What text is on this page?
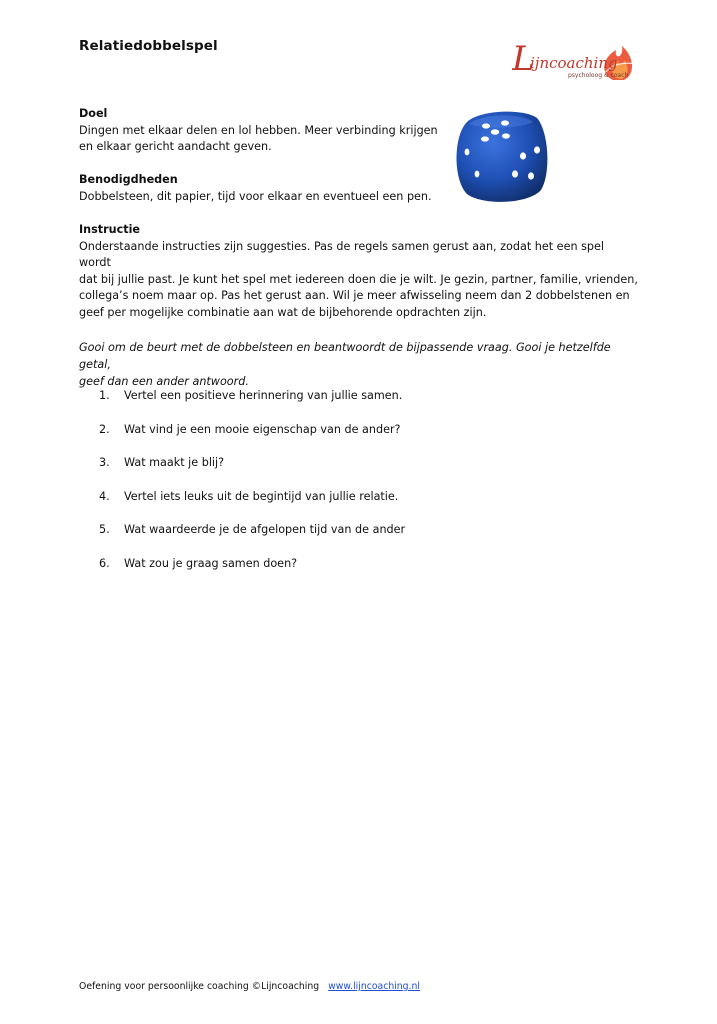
Relatiedobbelspel	L
ijncoaching
psycholoog & coach
Doel
Dingen met elkaar delen en lol hebben. Meer verbinding krijgen
en elkaar gericht aandacht geven.
Benodigdheden
Dobbelsteen, dit papier, tijd voor elkaar en eventueel een pen.
Instructie
Onderstaande instructies zijn suggesties. Pas de regels samen gerust aan, zodat het een spel wordt
dat bij jullie past. Je kunt het spel met iedereen doen die je wilt. Je gezin, partner, familie, vrienden,
collega’s noem maar op. Pas het gerust aan. Wil je meer afwisseling neem dan 2 dobbelstenen en
geef per mogelijke combinatie aan wat de bijbehorende opdrachten zijn.
Gooi om de beurt met de dobbelsteen en beantwoordt de bijpassende vraag. Gooi je hetzelfde getal,
geef dan een ander antwoord.
1.	Vertel een positieve herinnering van jullie samen.
2.	Wat vind je een mooie eigenschap van de ander?
3.	Wat maakt je blij?
4.	Vertel iets leuks uit de begintijd van jullie relatie.
5.	Wat waardeerde je de afgelopen tijd van de ander
6.	Wat zou je graag samen doen?
Oefening voor persoonlijke coaching ©Lijncoaching www.lijncoaching.nl
